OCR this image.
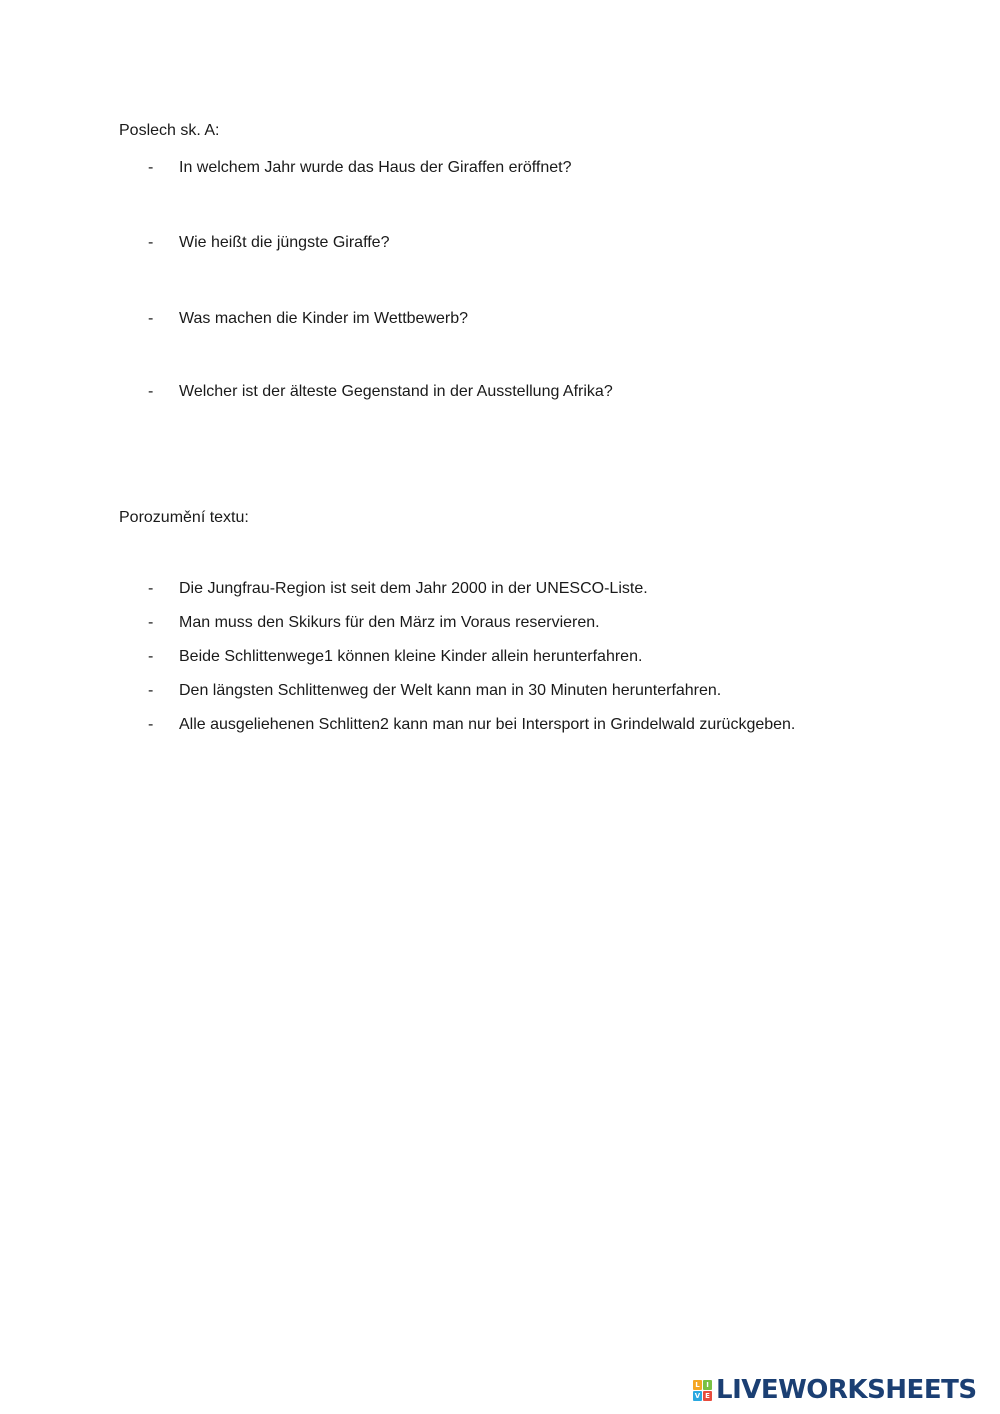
Poslech sk. A:
- In welchem Jahr wurde das Haus der Giraffen eröffnet?
- Wie heißt die jüngste Giraffe?
- Was machen die Kinder im Wettbewerb?
- Welcher ist der älteste Gegenstand in der Ausstellung Afrika?
Porozumění textu:
- Die Jungfrau-Region ist seit dem Jahr 2000 in der UNESCO-Liste.
- Man muss den Skikurs für den März im Voraus reservieren.
- Beide Schlittenwege1 können kleine Kinder allein herunterfahren.
- Den längsten Schlittenweg der Welt kann man in 30 Minuten herunterfahren.
- Alle ausgeliehenen Schlitten2 kann man nur bei Intersport in Grindelwald zurückgeben.
L I
V E LIVEWORKSHEETS
